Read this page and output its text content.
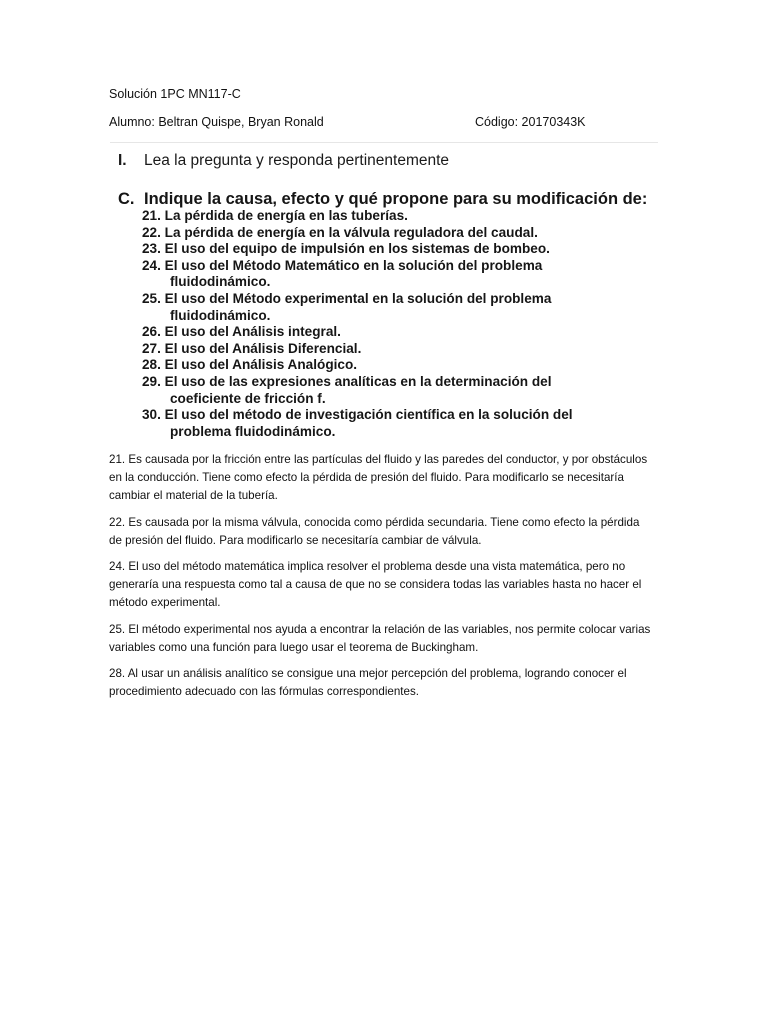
Solución 1PC MN117-C
Alumno: Beltran Quispe, Bryan Ronald	Código: 20170343K
I. Lea la pregunta y responda pertinentemente
C. Indique la causa, efecto y qué propone para su modificación de:
21. La pérdida de energía en las tuberías.
22. La pérdida de energía en la válvula reguladora del caudal.
23. El uso del equipo de impulsión en los sistemas de bombeo.
24. El uso del Método Matemático en la solución del problema
fluidodinámico.
25. El uso del Método experimental en la solución del problema
fluidodinámico.
26. El uso del Análisis integral.
27. El uso del Análisis Diferencial.
28. El uso del Análisis Analógico.
29. El uso de las expresiones analíticas en la determinación del
coeficiente de fricción f.
30. El uso del método de investigación científica en la solución del
problema fluidodinámico.

21. Es causada por la fricción entre las partículas del fluido y las paredes del conductor, y por obstáculos en la conducción. Tiene como efecto la pérdida de presión del fluido. Para modificarlo se necesitaría cambiar el material de la tubería.

22. Es causada por la misma válvula, conocida como pérdida secundaria. Tiene como efecto la pérdida de presión del fluido. Para modificarlo se necesitaría cambiar de válvula.

24. El uso del método matemática implica resolver el problema desde una vista matemática, pero no generaría una respuesta como tal a causa de que no se considera todas las variables hasta no hacer el método experimental.

25. El método experimental nos ayuda a encontrar la relación de las variables, nos permite colocar varias variables como una función para luego usar el teorema de Buckingham.

28. Al usar un análisis analítico se consigue una mejor percepción del problema, logrando conocer el procedimiento adecuado con las fórmulas correspondientes.
